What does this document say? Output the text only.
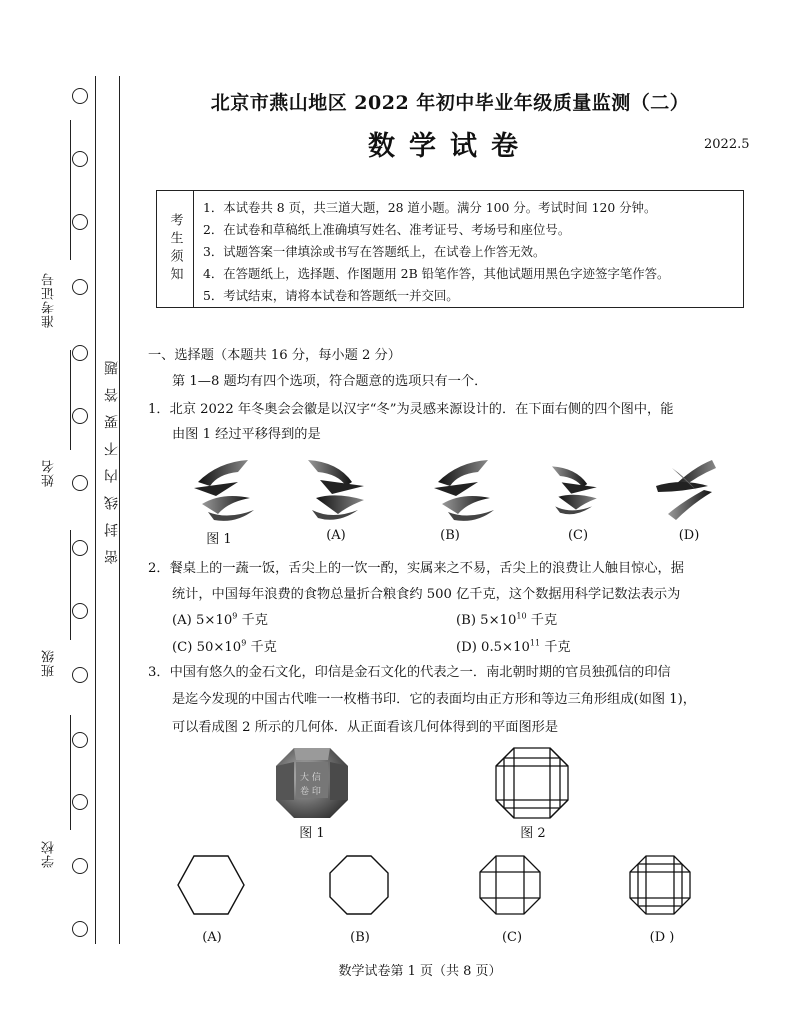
准考证号
姓名
班级
学校
密封线内不要答题
北京市燕山地区 2022 年初中毕业年级质量监测（二）
数学试卷	2022.5
考生须知
1．本试卷共 8 页，共三道大题，28 道小题。满分 100 分。考试时间 120 分钟。
2．在试卷和草稿纸上准确填写姓名、准考证号、考场号和座位号。
3．试题答案一律填涂或书写在答题纸上，在试卷上作答无效。
4．在答题纸上，选择题、作图题用 2B 铅笔作答，其他试题用黑色字迹签字笔作答。
5．考试结束，请将本试卷和答题纸一并交回。
一、选择题（本题共 16 分，每小题 2 分）
第 1—8 题均有四个选项，符合题意的选项只有一个．
1．北京 2022 年冬奥会会徽是以汉字“冬”为灵感来源设计的．在下面右侧的四个图中，能
由图 1 经过平移得到的是
图 1	(A)	(B)	(C)	(D)
2．餐桌上的一蔬一饭，舌尖上的一饮一酌，实属来之不易，舌尖上的浪费让人触目惊心，据
统计，中国每年浪费的食物总量折合粮食约 500 亿千克，这个数据用科学记数法表示为
(A) $5\times 10^9$ 千克	(B) $5\times 10^{10}$ 千克
(C) $50\times 10^9$ 千克	(D) $0.5\times 10^{11}$ 千克
3．中国有悠久的金石文化，印信是金石文化的代表之一．南北朝时期的官员独孤信的印信
是迄今发现的中国古代唯一一枚楷书印．它的表面均由正方形和等边三角形组成(如图 1)，
可以看成图 2 所示的几何体．从正面看该几何体得到的平面图形是
大 信
卷 印
图 1	图 2
(A)	(B)	(C)	(D )
数学试卷第 1 页（共 8 页）
